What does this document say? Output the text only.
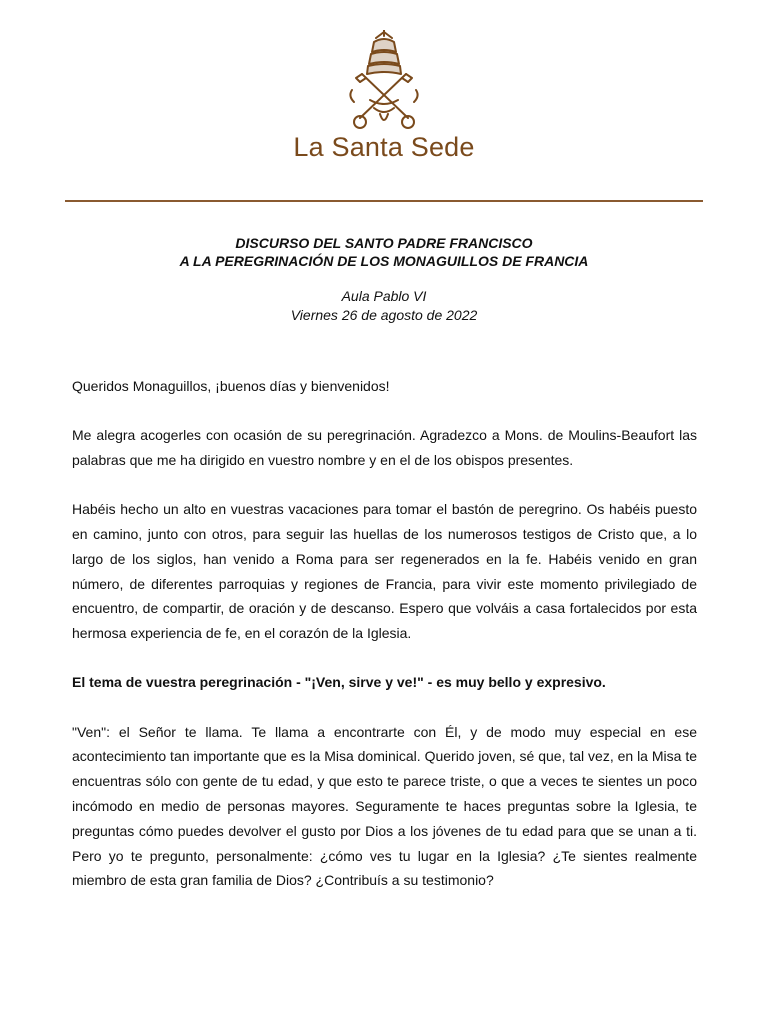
La Santa Sede
DISCURSO DEL SANTO PADRE FRANCISCO
A LA PEREGRINACIÓN DE LOS MONAGUILLOS DE FRANCIA
Aula Pablo VI
Viernes 26 de agosto de 2022

Queridos Monaguillos, ¡buenos días y bienvenidos!

Me alegra acogerles con ocasión de su peregrinación. Agradezco a Mons. de Moulins-Beaufort las palabras que me ha dirigido en vuestro nombre y en el de los obispos presentes.

Habéis hecho un alto en vuestras vacaciones para tomar el bastón de peregrino. Os habéis puesto en camino, junto con otros, para seguir las huellas de los numerosos testigos de Cristo que, a lo largo de los siglos, han venido a Roma para ser regenerados en la fe. Habéis venido en gran número, de diferentes parroquias y regiones de Francia, para vivir este momento privilegiado de encuentro, de compartir, de oración y de descanso. Espero que volváis a casa fortalecidos por esta hermosa experiencia de fe, en el corazón de la Iglesia.

El tema de vuestra peregrinación - "¡Ven, sirve y ve!" - es muy bello y expresivo.

"Ven": el Señor te llama. Te llama a encontrarte con Él, y de modo muy especial en ese acontecimiento tan importante que es la Misa dominical. Querido joven, sé que, tal vez, en la Misa te encuentras sólo con gente de tu edad, y que esto te parece triste, o que a veces te sientes un poco incómodo en medio de personas mayores. Seguramente te haces preguntas sobre la Iglesia, te preguntas cómo puedes devolver el gusto por Dios a los jóvenes de tu edad para que se unan a ti. Pero yo te pregunto, personalmente: ¿cómo ves tu lugar en la Iglesia? ¿Te sientes realmente miembro de esta gran familia de Dios? ¿Contribuís a su testimonio?
